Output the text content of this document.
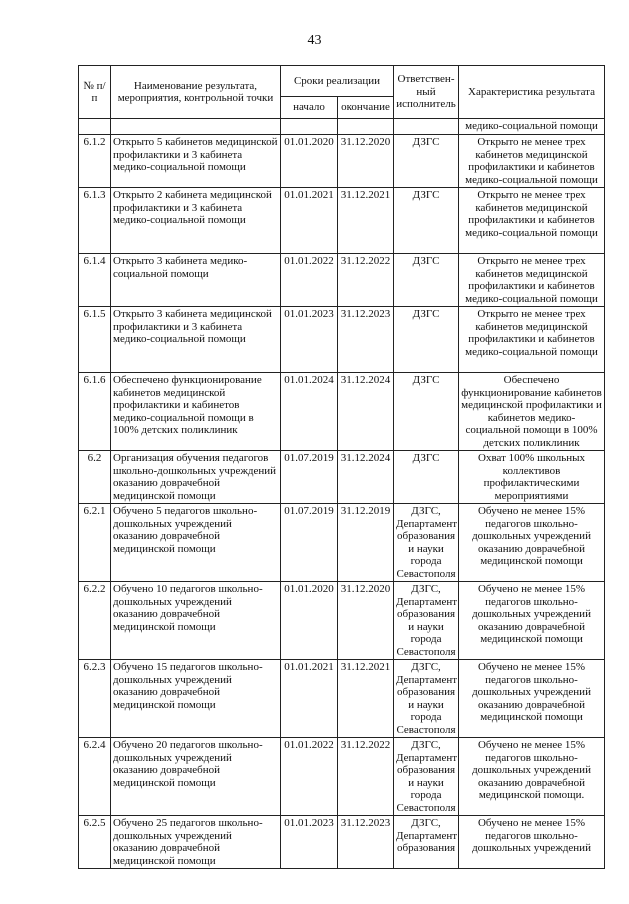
43
№ п/п	Наименование результата, мероприятия, контрольной точки	Сроки реализации		Ответствен-ный исполнитель	Характеристика результата
		начало	окончание		
					медико-социальной помощи
6.1.2	Открыто 5 кабинетов медицинской профилактики и 3 кабинета медико-социальной помощи	01.01.2020	31.12.2020	ДЗГС	Открыто не менее трех кабинетов медицинской профилактики и кабинетов медико-социальной помощи
6.1.3	Открыто 2 кабинета медицинской профилактики и 3 кабинета медико-социальной помощи	01.01.2021	31.12.2021	ДЗГС	Открыто не менее трех кабинетов медицинской профилактики и кабинетов медико-социальной помощи
6.1.4	Открыто 3 кабинета медико-социальной помощи	01.01.2022	31.12.2022	ДЗГС	Открыто не менее трех кабинетов медицинской профилактики и кабинетов медико-социальной помощи
6.1.5	Открыто 3 кабинета медицинской профилактики и 3 кабинета медико-социальной помощи	01.01.2023	31.12.2023	ДЗГС	Открыто не менее трех кабинетов медицинской профилактики и кабинетов медико-социальной помощи
6.1.6	Обеспечено функционирование кабинетов медицинской профилактики и кабинетов медико-социальной помощи в 100% детских поликлиник	01.01.2024	31.12.2024	ДЗГС	Обеспечено функционирование кабинетов медицинской профилактики и кабинетов медико-социальной помощи в 100% детских поликлиник
6.2	Организация обучения педагогов школьно-дошкольных учреждений оказанию доврачебной медицинской помощи	01.07.2019	31.12.2024	ДЗГС	Охват 100% школьных коллективов профилактическими мероприятиями
6.2.1	Обучено 5 педагогов школьно-дошкольных учреждений оказанию доврачебной медицинской помощи	01.07.2019	31.12.2019	ДЗГС, Департамент образования и науки города Севастополя	Обучено не менее 15% педагогов школьно-дошкольных учреждений оказанию доврачебной медицинской помощи
6.2.2	Обучено 10 педагогов школьно-дошкольных учреждений оказанию доврачебной медицинской помощи	01.01.2020	31.12.2020	ДЗГС, Департамент образования и науки города Севастополя	Обучено не менее 15% педагогов школьно-дошкольных учреждений оказанию доврачебной медицинской помощи
6.2.3	Обучено 15 педагогов школьно-дошкольных учреждений оказанию доврачебной медицинской помощи	01.01.2021	31.12.2021	ДЗГС, Департамент образования и науки города Севастополя	Обучено не менее 15% педагогов школьно-дошкольных учреждений оказанию доврачебной медицинской помощи
6.2.4	Обучено 20 педагогов школьно-дошкольных учреждений оказанию доврачебной медицинской помощи	01.01.2022	31.12.2022	ДЗГС, Департамент образования и науки города Севастополя	Обучено не менее 15% педагогов школьно-дошкольных учреждений оказанию доврачебной медицинской помощи.
6.2.5	Обучено 25 педагогов школьно-дошкольных учреждений оказанию доврачебной медицинской помощи	01.01.2023	31.12.2023	ДЗГС, Департамент образования	Обучено не менее 15% педагогов школьно-дошкольных учреждений
